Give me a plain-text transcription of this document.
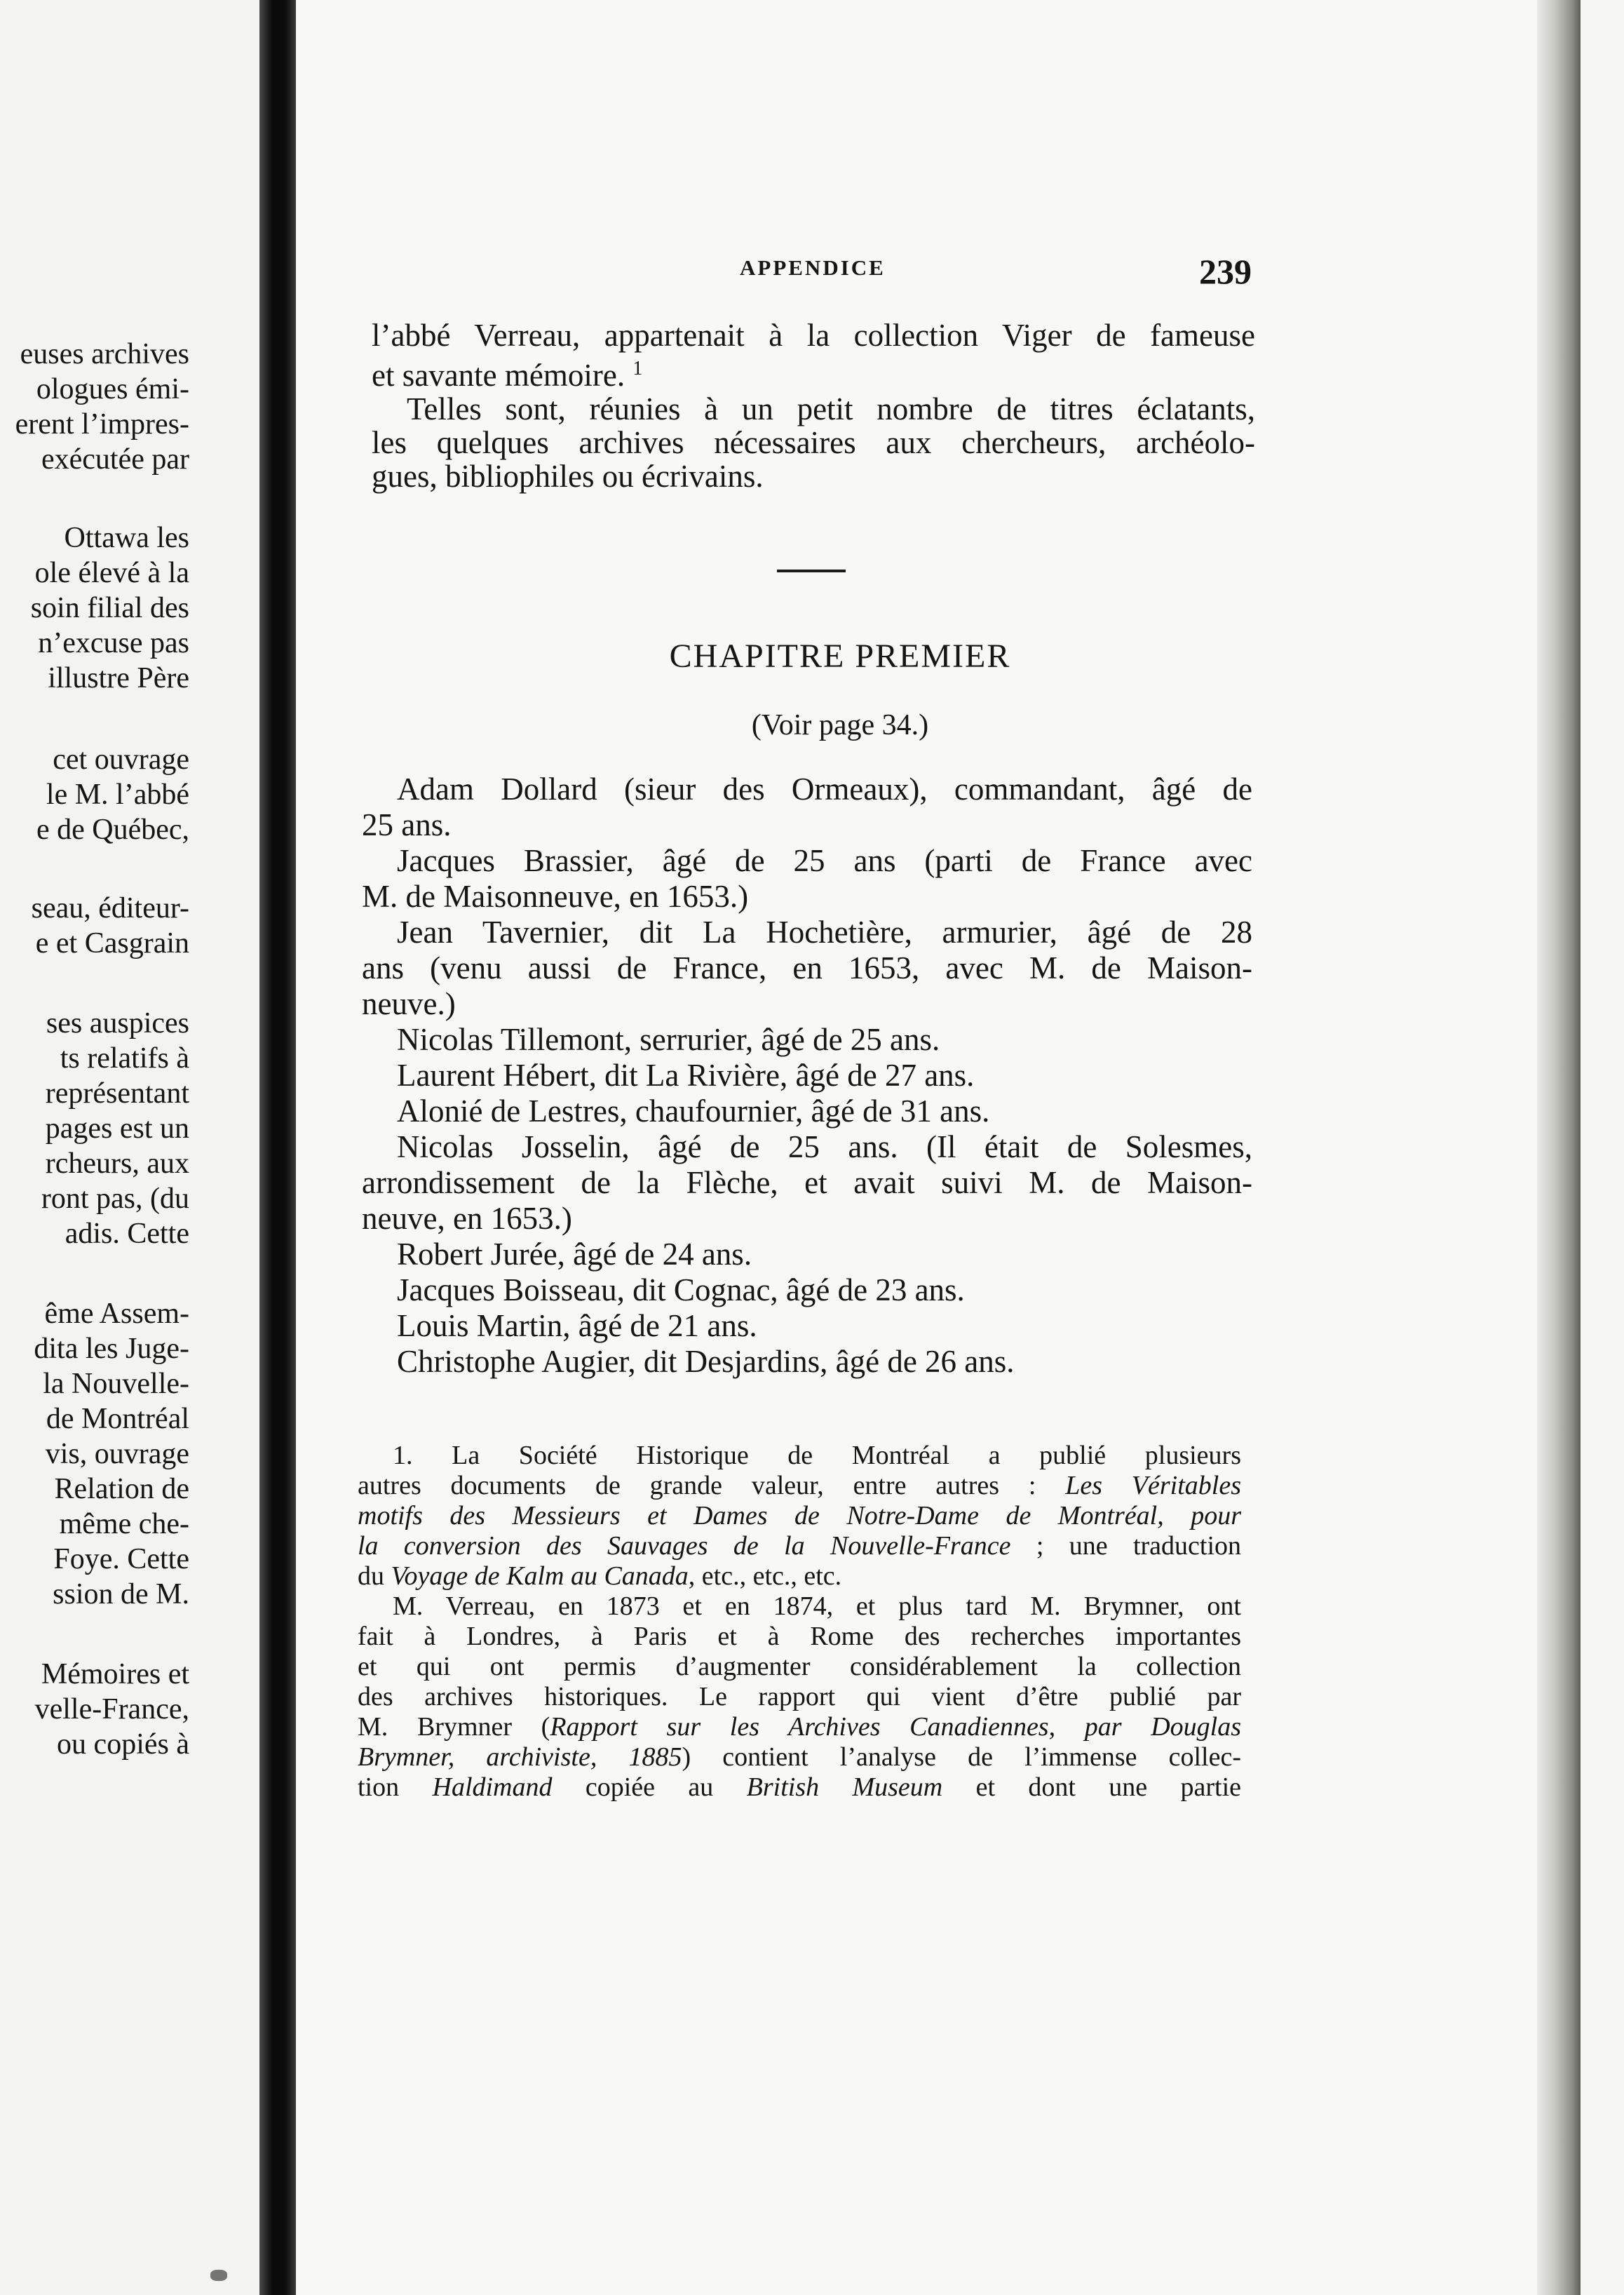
euses archives
ologues émi-
erent l’impres-
exécutée par
Ottawa les
ole élevé à la
soin filial des
n’excuse pas
illustre Père
cet ouvrage
le M. l’abbé
e de Québec,
seau, éditeur-
e et Casgrain
ses auspices
ts relatifs à
représentant
pages est un
rcheurs, aux
ront pas, (du
adis. Cette
ême Assem-
dita les Juge-
la Nouvelle-
de Montréal
vis, ouvrage
Relation de
même che-
Foye. Cette
ssion de M.
Mémoires et
velle-France,
ou copiés à
APPENDICE	239
l’abbé Verreau, appartenait à la collection Viger de fameuse
et savante mémoire. $^1$
Telles sont, réunies à un petit nombre de titres éclatants,
les quelques archives nécessaires aux chercheurs, archéolo-
gues, bibliophiles ou écrivains.
CHAPITRE PREMIER
(Voir page 34.)
Adam Dollard (sieur des Ormeaux), commandant, âgé de
25 ans.
Jacques Brassier, âgé de 25 ans (parti de France avec
M. de Maisonneuve, en 1653.)
Jean Tavernier, dit La Hochetière, armurier, âgé de 28
ans (venu aussi de France, en 1653, avec M. de Maison-
neuve.)
Nicolas Tillemont, serrurier, âgé de 25 ans.
Laurent Hébert, dit La Rivière, âgé de 27 ans.
Alonié de Lestres, chaufournier, âgé de 31 ans.
Nicolas Josselin, âgé de 25 ans. (Il était de Solesmes,
arrondissement de la Flèche, et avait suivi M. de Maison-
neuve, en 1653.)
Robert Jurée, âgé de 24 ans.
Jacques Boisseau, dit Cognac, âgé de 23 ans.
Louis Martin, âgé de 21 ans.
Christophe Augier, dit Desjardins, âgé de 26 ans.
1. La Société Historique de Montréal a publié plusieurs
autres documents de grande valeur, entre autres : Les Véritables
motifs des Messieurs et Dames de Notre-Dame de Montréal, pour
la conversion des Sauvages de la Nouvelle-France ; une traduction
du Voyage de Kalm au Canada, etc., etc., etc.
M. Verreau, en 1873 et en 1874, et plus tard M. Brymner, ont
fait à Londres, à Paris et à Rome des recherches importantes
et qui ont permis d’augmenter considérablement la collection
des archives historiques. Le rapport qui vient d’être publié par
M. Brymner (Rapport sur les Archives Canadiennes, par Douglas
Brymner, archiviste, 1885) contient l’analyse de l’immense collec-
tion Haldimand copiée au British Museum et dont une partie
